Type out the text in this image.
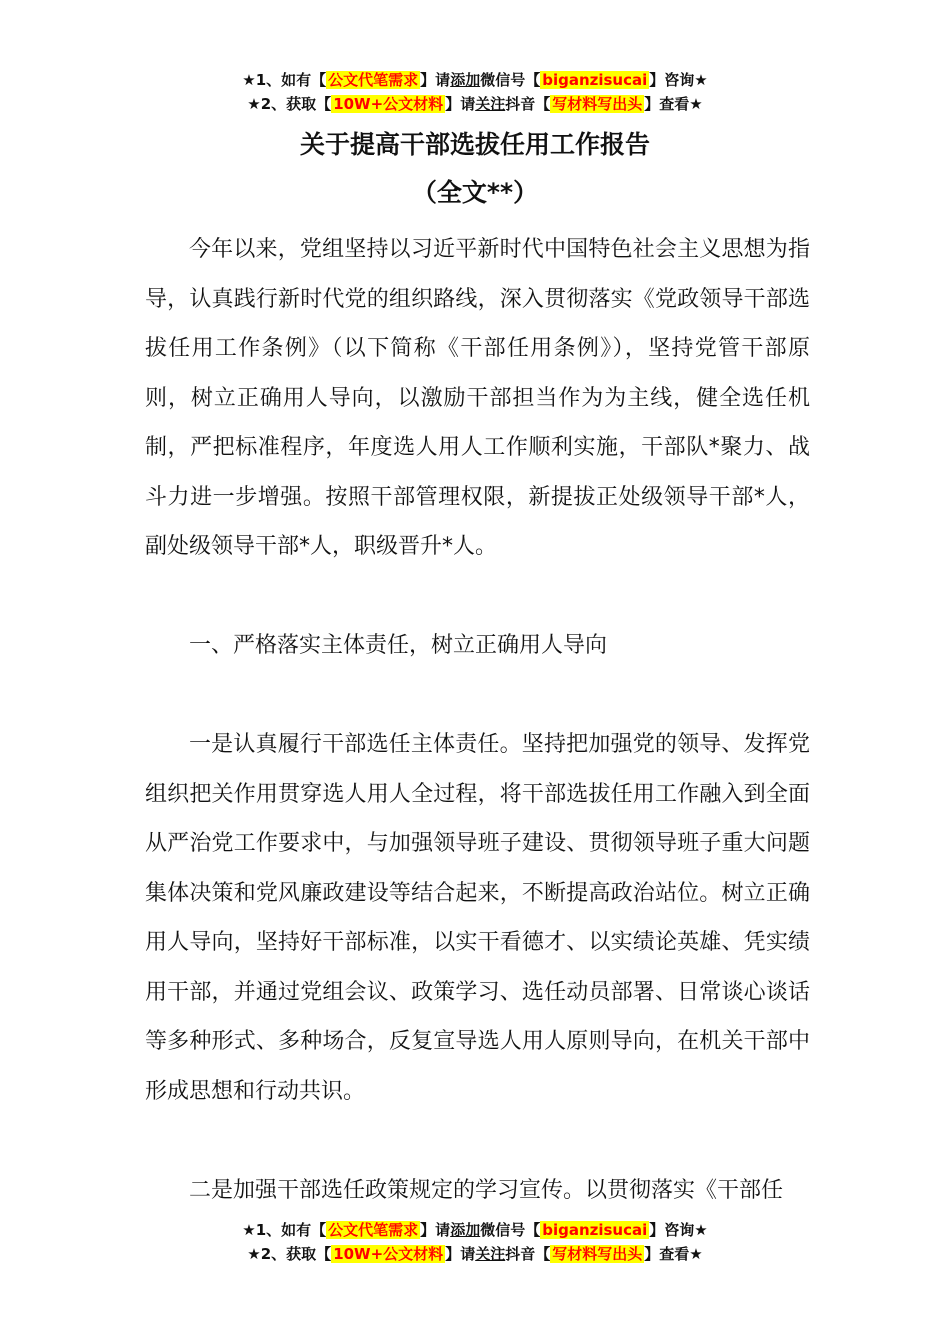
★1、如有【 公文代笔需求 】请添加微信号【 biganzisucai 】咨询★
★2、获取【 10W+公文材料 】请关注抖音【 写材料写出头 】查看★
关于提高干部选拔任用工作报告
（全文**）

今年以来，党组坚持以习近平新时代中国特色社会主义思想为指导，认真践行新时代党的组织路线，深入贯彻落实《党政领导干部选拔任用工作条例》（以下简称《干部任用条例》），坚持党管干部原则，树立正确用人导向，以激励干部担当作为为主线，健全选任机制，严把标准程序，年度选人用人工作顺利实施，干部队*聚力、战斗力进一步增强。按照干部管理权限，新提拔正处级领导干部*人，副处级领导干部*人，职级晋升*人。

一、严格落实主体责任，树立正确用人导向

一是认真履行干部选任主体责任。坚持把加强党的领导、发挥党组织把关作用贯穿选人用人全过程，将干部选拔任用工作融入到全面从严治党工作要求中，与加强领导班子建设、贯彻领导班子重大问题集体决策和党风廉政建设等结合起来，不断提高政治站位。树立正确用人导向，坚持好干部标准，以实干看德才、以实绩论英雄、凭实绩用干部，并通过党组会议、政策学习、选任动员部署、日常谈心谈话等多种形式、多种场合，反复宣导选人用人原则导向，在机关干部中形成思想和行动共识。

二是加强干部选任政策规定的学习宣传。以贯彻落实《干部任

★1、如有【 公文代笔需求 】请添加微信号【 biganzisucai 】咨询★
★2、获取【 10W+公文材料 】请关注抖音【 写材料写出头 】查看★
